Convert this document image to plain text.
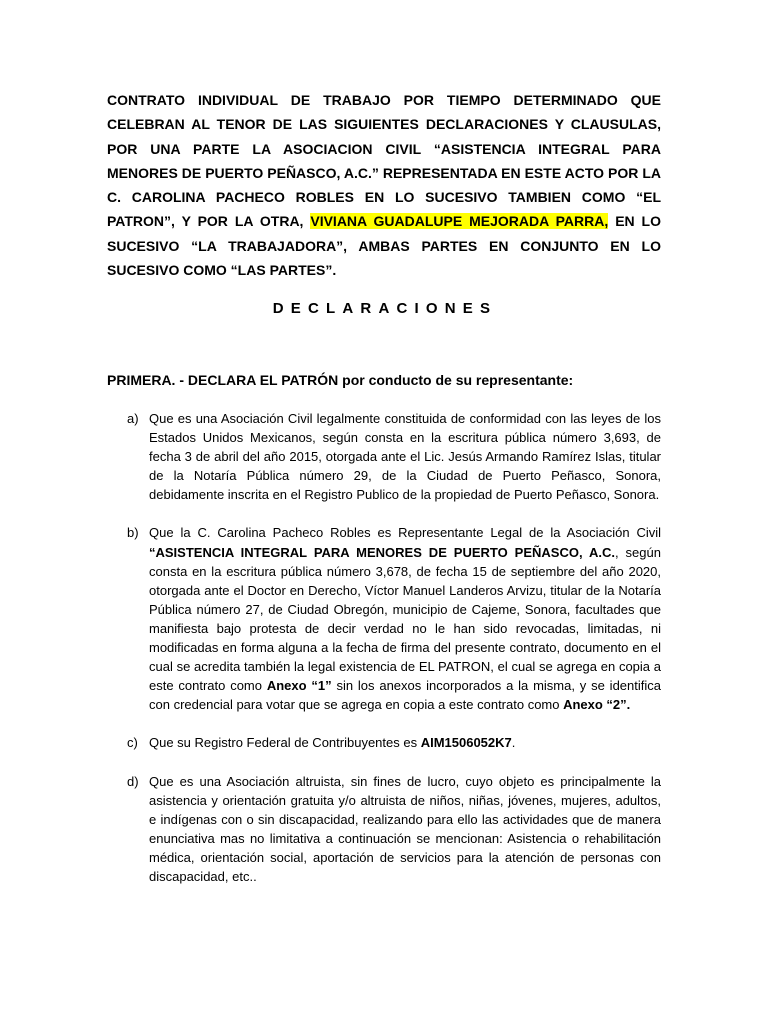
CONTRATO INDIVIDUAL DE TRABAJO POR TIEMPO DETERMINADO QUE CELEBRAN AL TENOR DE LAS SIGUIENTES DECLARACIONES Y CLAUSULAS, POR UNA PARTE LA ASOCIACION CIVIL “ASISTENCIA INTEGRAL PARA MENORES DE PUERTO PEÑASCO, A.C.” REPRESENTADA EN ESTE ACTO POR LA C. CAROLINA PACHECO ROBLES EN LO SUCESIVO TAMBIEN COMO “EL PATRON”, Y POR LA OTRA, VIVIANA GUADALUPE MEJORADA PARRA, EN LO SUCESIVO “LA TRABAJADORA”, AMBAS PARTES EN CONJUNTO EN LO SUCESIVO COMO “LAS PARTES”.

DECLARACIONES

PRIMERA. - DECLARA EL PATRÓN por conducto de su representante:

a) Que es una Asociación Civil legalmente constituida de conformidad con las leyes de los Estados Unidos Mexicanos, según consta en la escritura pública número 3,693, de fecha 3 de abril del año 2015, otorgada ante el Lic. Jesús Armando Ramírez Islas, titular de la Notaría Pública número 29, de la Ciudad de Puerto Peñasco, Sonora, debidamente inscrita en el Registro Publico de la propiedad de Puerto Peñasco, Sonora.
b) Que la C. Carolina Pacheco Robles es Representante Legal de la Asociación Civil “ASISTENCIA INTEGRAL PARA MENORES DE PUERTO PEÑASCO, A.C., según consta en la escritura pública número 3,678, de fecha 15 de septiembre del año 2020, otorgada ante el Doctor en Derecho, Víctor Manuel Landeros Arvizu, titular de la Notaría Pública número 27, de Ciudad Obregón, municipio de Cajeme, Sonora, facultades que manifiesta bajo protesta de decir verdad no le han sido revocadas, limitadas, ni modificadas en forma alguna a la fecha de firma del presente contrato, documento en el cual se acredita también la legal existencia de EL PATRON, el cual se agrega en copia a este contrato como Anexo “1” sin los anexos incorporados a la misma, y se identifica con credencial para votar que se agrega en copia a este contrato como Anexo “2”.
c) Que su Registro Federal de Contribuyentes es AIM1506052K7.
d) Que es una Asociación altruista, sin fines de lucro, cuyo objeto es principalmente la asistencia y orientación gratuita y/o altruista de niños, niñas, jóvenes, mujeres, adultos, e indígenas con o sin discapacidad, realizando para ello las actividades que de manera enunciativa mas no limitativa a continuación se mencionan: Asistencia o rehabilitación médica, orientación social, aportación de servicios para la atención de personas con discapacidad, etc..
